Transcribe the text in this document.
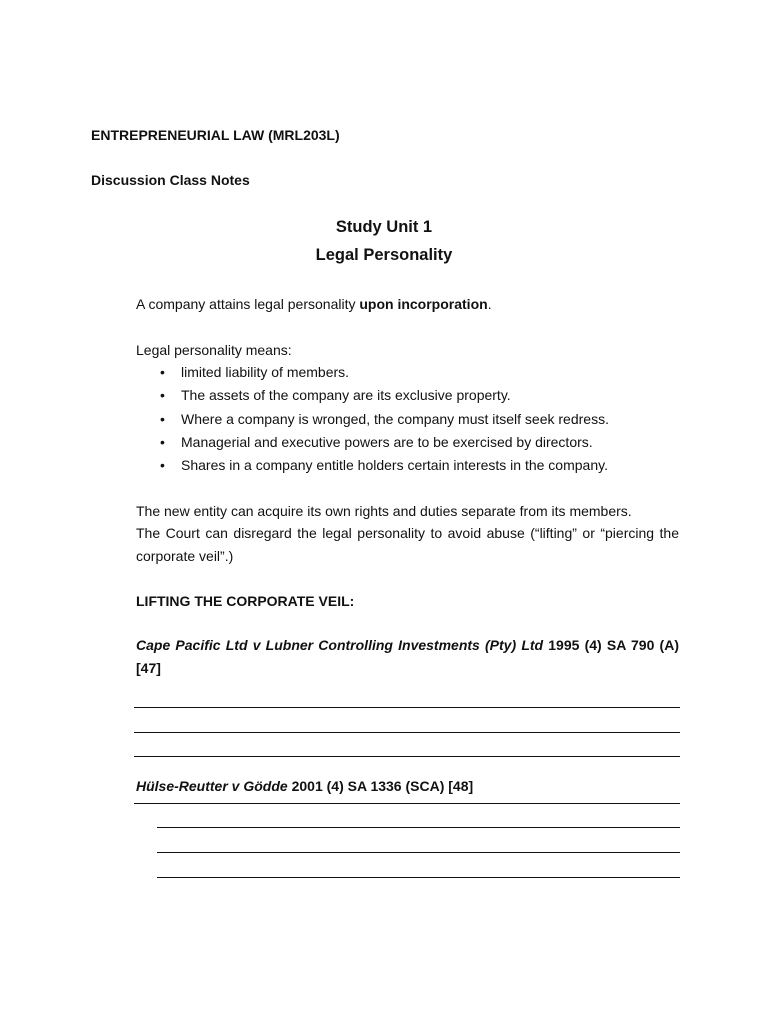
ENTREPRENEURIAL LAW (MRL203L)
Discussion Class Notes
Study Unit 1
Legal Personality
A company attains legal personality upon incorporation.
Legal personality means:
• limited liability of members.
• The assets of the company are its exclusive property.
• Where a company is wronged, the company must itself seek redress.
• Managerial and executive powers are to be exercised by directors.
• Shares in a company entitle holders certain interests in the company.
The new entity can acquire its own rights and duties separate from its members.
The Court can disregard the legal personality to avoid abuse (“lifting” or “piercing the corporate veil”.)
LIFTING THE CORPORATE VEIL:
Cape Pacific Ltd v Lubner Controlling Investments (Pty) Ltd 1995 (4) SA 790 (A) [47]
Hülse-Reutter v Gödde 2001 (4) SA 1336 (SCA) [48]
